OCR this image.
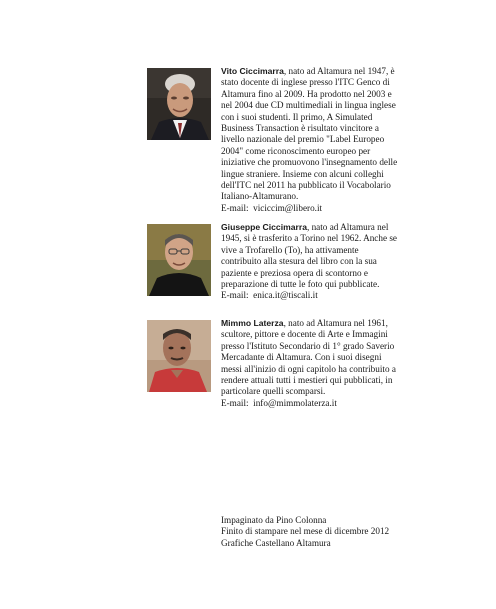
Vito Ciccimarra, nato ad Altamura nel 1947, è stato docente di inglese presso l'ITC Genco di Altamura fino al 2009. Ha prodotto nel 2003 e nel 2004 due CD multimediali in lingua inglese con i suoi studenti. Il primo, A Simulated Business Transaction è risultato vincitore a livello nazionale del premio "Label Europeo 2004" come riconoscimento europeo per iniziative che promuovono l'insegnamento delle lingue straniere. Insieme con alcuni colleghi dell'ITC nel 2011 ha pubblicato il Vocabolario Italiano-Altamurano.
E-mail: viciccim@libero.it
Giuseppe Ciccimarra, nato ad Altamura nel 1945, si è trasferito a Torino nel 1962. Anche se vive a Trofarello (To), ha attivamente contribuito alla stesura del libro con la sua paziente e preziosa opera di scontorno e preparazione di tutte le foto qui pubblicate.
E-mail: enica.it@tiscali.it
Mimmo Laterza, nato ad Altamura nel 1961, scultore, pittore e docente di Arte e Immagini presso l'Istituto Secondario di 1° grado Saverio Mercadante di Altamura. Con i suoi disegni messi all'inizio di ogni capitolo ha contribuito a rendere attuali tutti i mestieri qui pubblicati, in particolare quelli scomparsi.
E-mail: info@mimmolaterza.it
Impaginato da Pino Colonna
Finito di stampare nel mese di dicembre 2012
Grafiche Castellano Altamura
